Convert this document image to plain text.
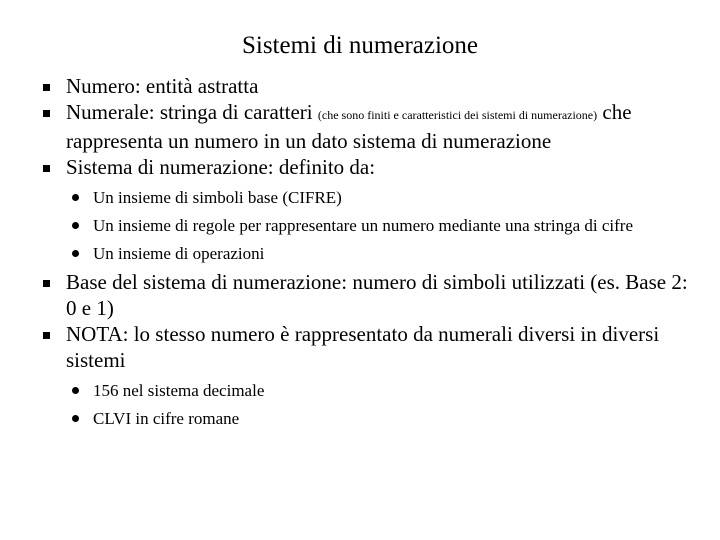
Sistemi di numerazione
Numero: entità astratta
Numerale: stringa di caratteri (che sono finiti e caratteristici dei sistemi di numerazione) che rappresenta un numero in un dato sistema di numerazione
Sistema di numerazione: definito da:
Un insieme di simboli base (CIFRE)
Un insieme di regole per rappresentare un numero mediante una stringa di cifre
Un insieme di operazioni
Base del sistema di numerazione: numero di simboli utilizzati (es. Base 2: 0 e 1)
NOTA: lo stesso numero è rappresentato da numerali diversi in diversi sistemi
156 nel sistema decimale
CLVI in cifre romane
